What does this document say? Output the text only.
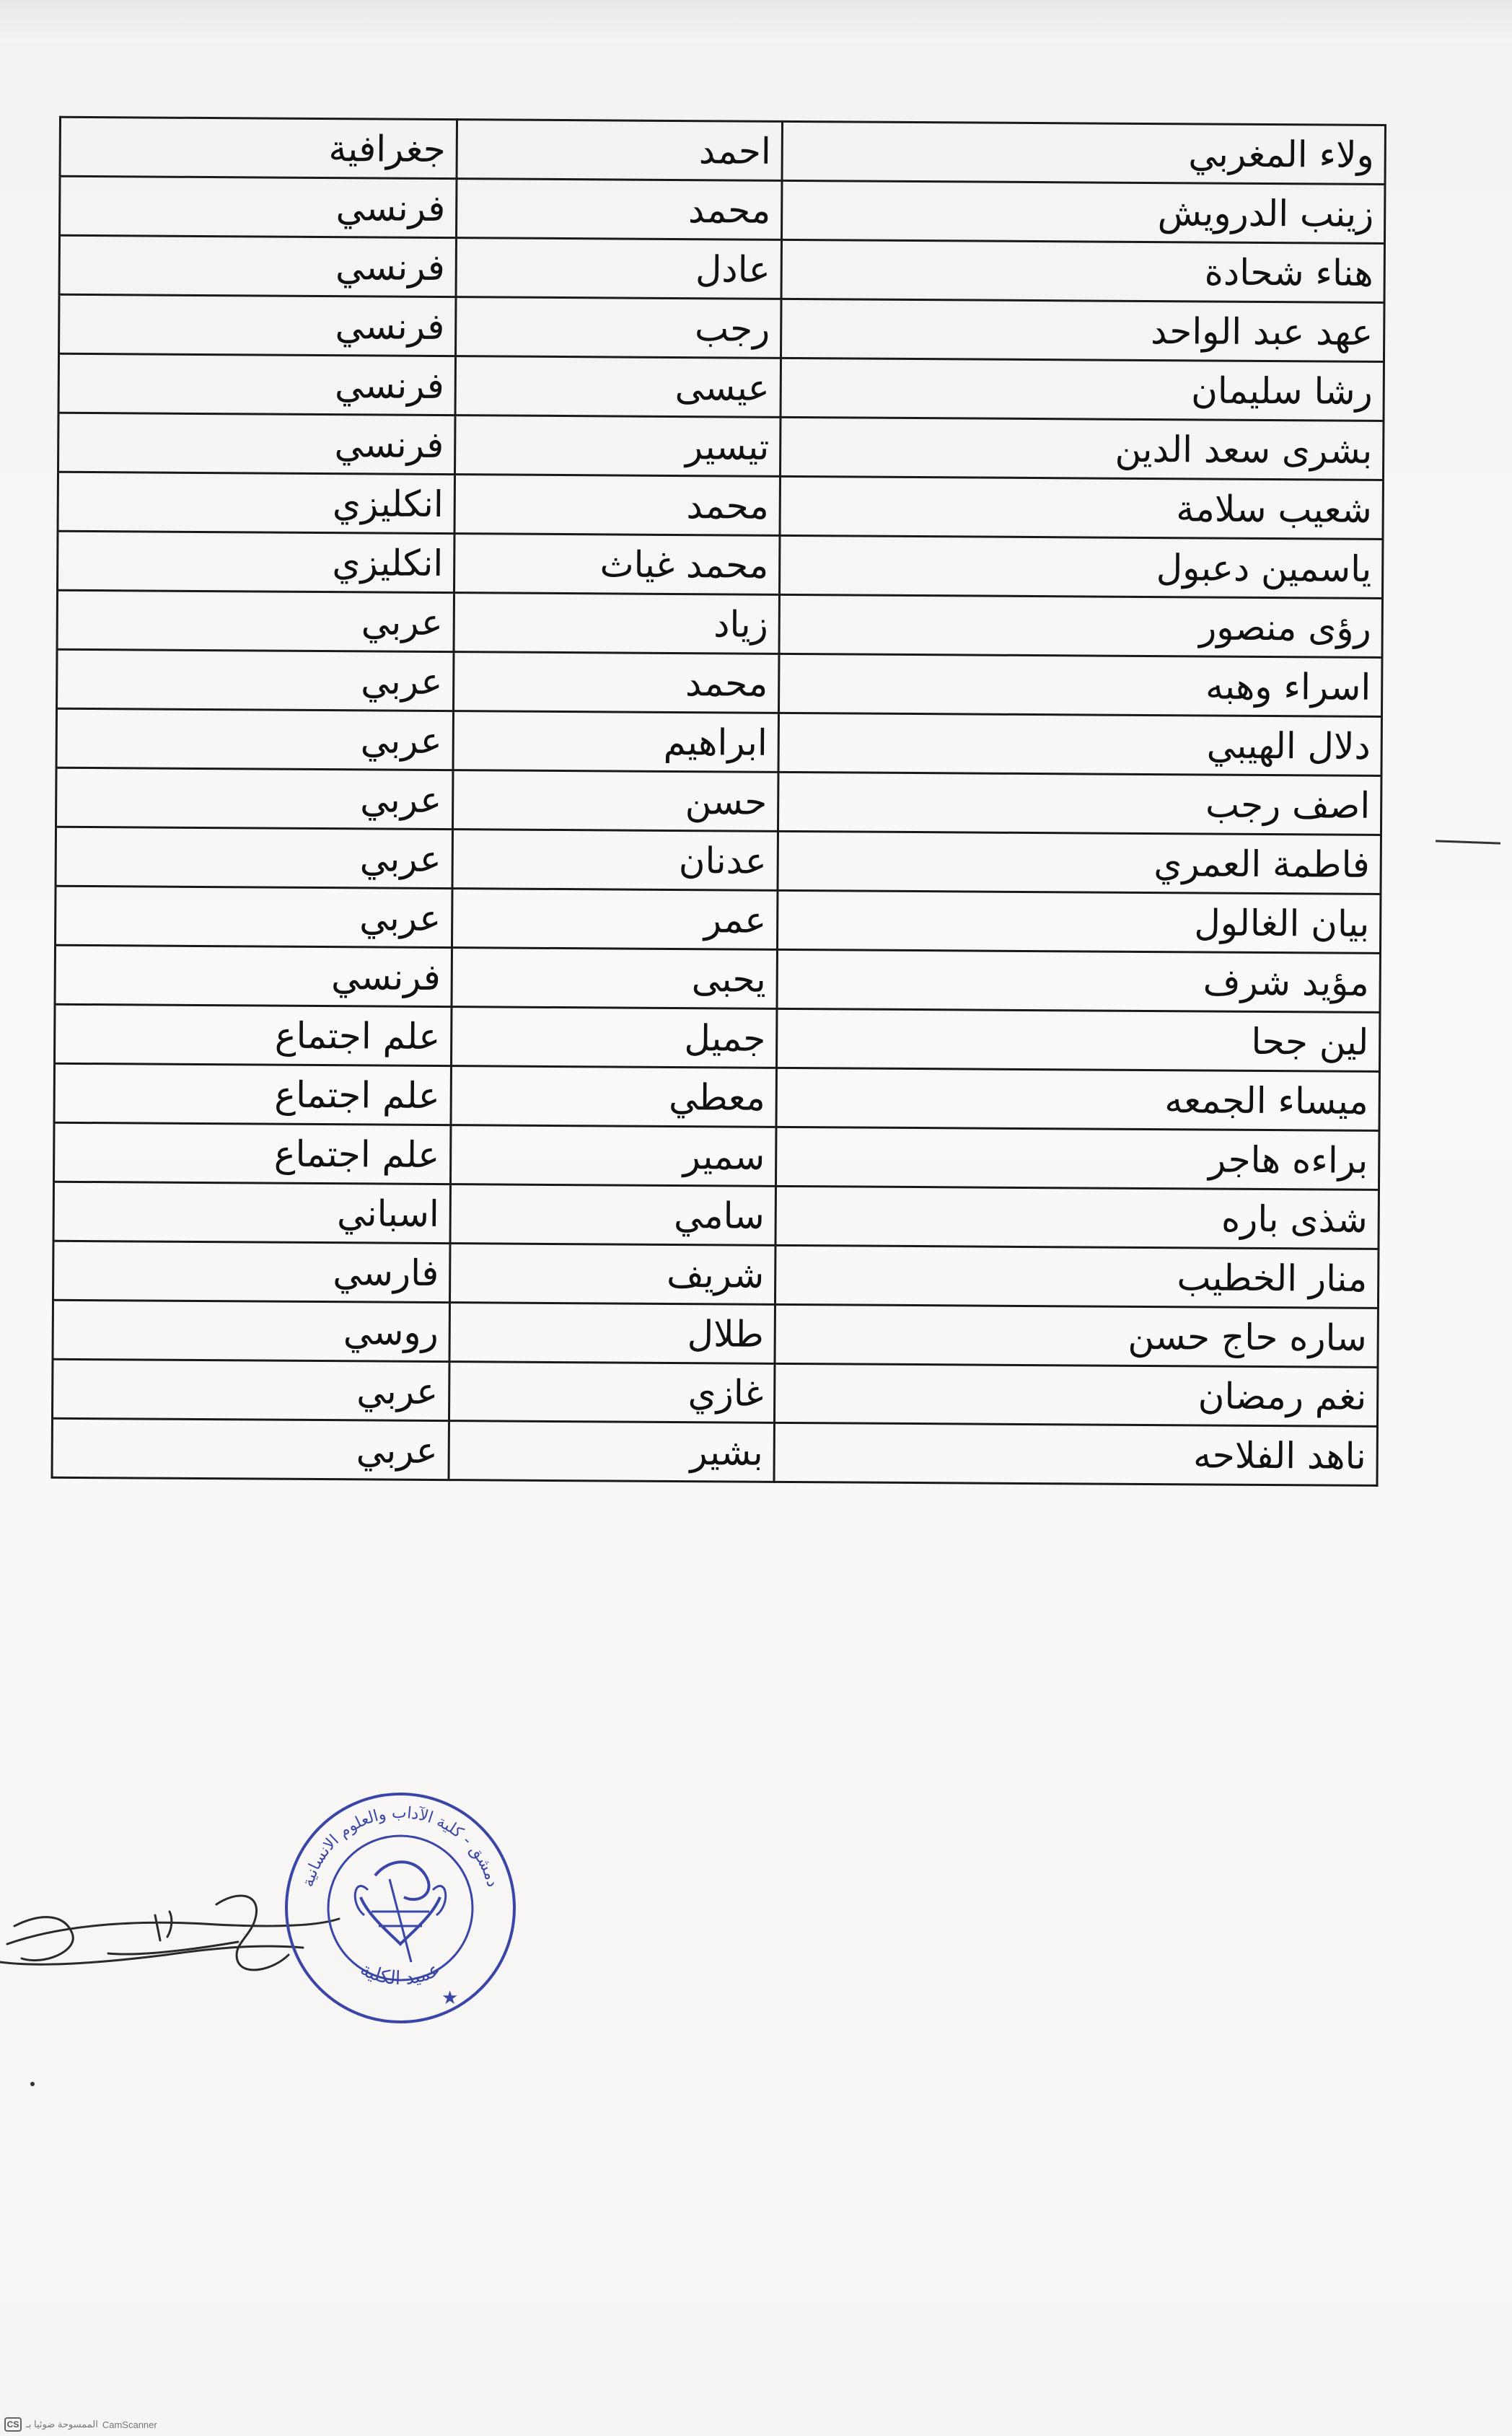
ولاء المغربي	احمد	جغرافية
زينب الدرويش	محمد	فرنسي
هناء شحادة	عادل	فرنسي
عهد عبد الواحد	رجب	فرنسي
رشا سليمان	عيسى	فرنسي
بشرى سعد الدين	تيسير	فرنسي
شعيب سلامة	محمد	انكليزي
ياسمين دعبول	محمد غياث	انكليزي
رؤى منصور	زياد	عربي
اسراء وهبه	محمد	عربي
دلال الهيبي	ابراهيم	عربي
اصف رجب	حسن	عربي
فاطمة العمري	عدنان	عربي
بيان الغالول	عمر	عربي
مؤيد شرف	يحبى	فرنسي
لين جحا	جميل	علم اجتماع
ميساء الجمعه	معطي	علم اجتماع
براءه هاجر	سمير	علم اجتماع
شذى باره	سامي	اسباني
منار الخطيب	شريف	فارسي
ساره حاج حسن	طلال	روسي
نغم رمضان	غازي	عربي
ناهد الفلاحه	بشير	عربي
دمشق - كلية الآداب والعلوم الانسانية
عميد الكلية
★
CS الممسوحة ضوئيا بـ CamScanner
